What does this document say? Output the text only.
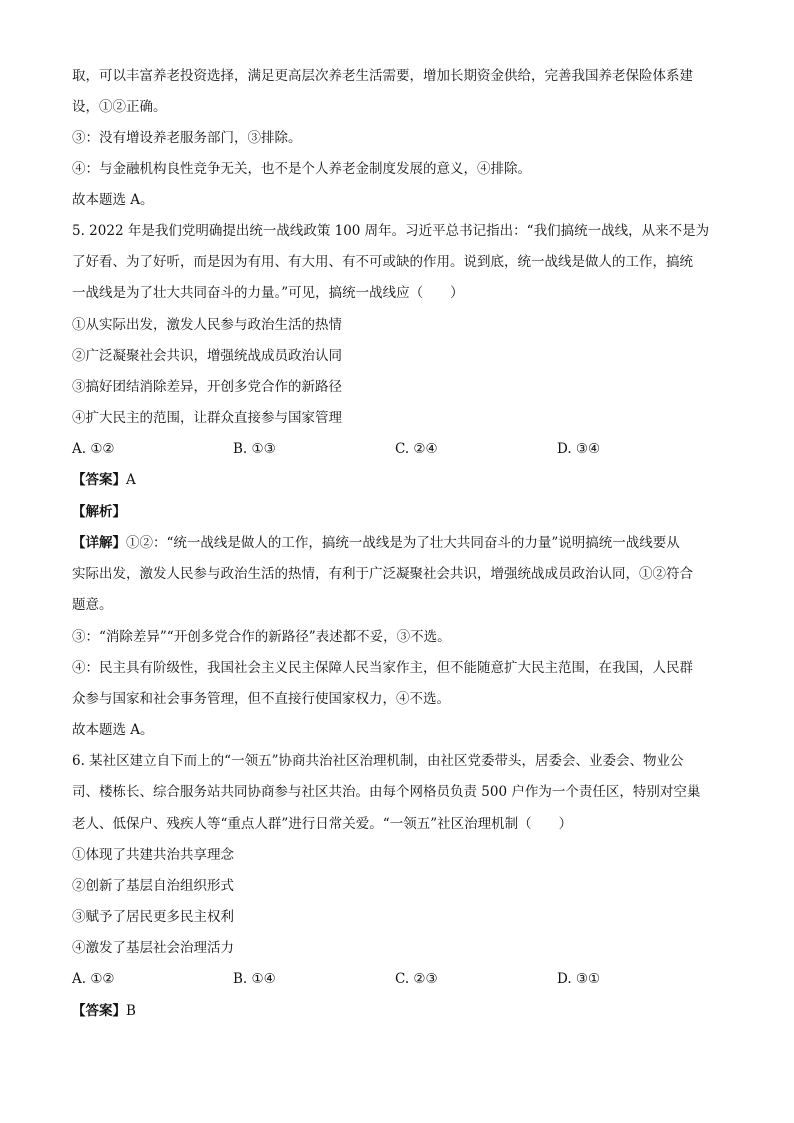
取，可以丰富养老投资选择，满足更高层次养老生活需要，增加长期资金供给，完善我国养老保险体系建
设，①②正确。
③：没有增设养老服务部门，③排除。
④：与金融机构良性竞争无关，也不是个人养老金制度发展的意义，④排除。
故本题选 A。
5. 2022 年是我们党明确提出统一战线政策 100 周年。习近平总书记指出：“我们搞统一战线，从来不是为
了好看、为了好听，而是因为有用、有大用、有不可或缺的作用。说到底，统一战线是做人的工作，搞统
一战线是为了壮大共同奋斗的力量。”可见，搞统一战线应（　　）
①从实际出发，激发人民参与政治生活的热情
②广泛凝聚社会共识，增强统战成员政治认同
③搞好团结消除差异，开创多党合作的新路径
④扩大民主的范围，让群众直接参与国家管理
A. ①②	B. ①③	C. ②④	D. ③④
【答案】A
【解析】
【详解】①②：“统一战线是做人的工作，搞统一战线是为了壮大共同奋斗的力量”说明搞统一战线要从
实际出发，激发人民参与政治生活的热情，有利于广泛凝聚社会共识，增强统战成员政治认同，①②符合
题意。
③：“消除差异”“开创多党合作的新路径”表述都不妥，③不选。
④：民主具有阶级性，我国社会主义民主保障人民当家作主，但不能随意扩大民主范围，在我国，人民群
众参与国家和社会事务管理，但不直接行使国家权力，④不选。
故本题选 A。
6. 某社区建立自下而上的“一领五”协商共治社区治理机制，由社区党委带头，居委会、业委会、物业公
司、楼栋长、综合服务站共同协商参与社区共治。由每个网格员负责 500 户作为一个责任区，特别对空巢
老人、低保户、残疾人等“重点人群”进行日常关爱。“一领五”社区治理机制（　　）
①体现了共建共治共享理念
②创新了基层自治组织形式
③赋予了居民更多民主权利
④激发了基层社会治理活力
A. ①②	B. ①④	C. ②③	D. ③①
【答案】B
